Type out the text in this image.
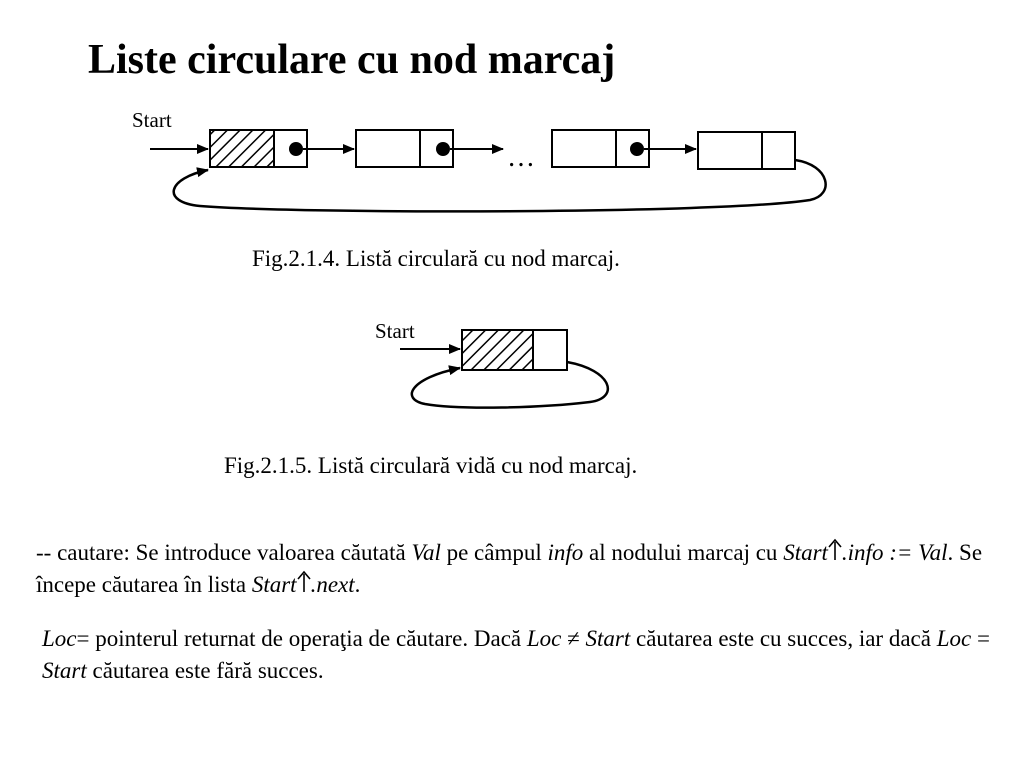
Liste circulare cu nod marcaj
Start
…
Start

Fig.2.1.4. Listă circulară cu nod marcaj.

Fig.2.1.5. Listă circulară vidă cu nod marcaj.

-- cautare: Se introduce valoarea căutată Val pe câmpul info al nodului marcaj cu Start .info := Val. Se începe căutarea în lista Start .next.

Loc= pointerul returnat de operaţia de căutare. Dacă Loc ≠ Start căutarea este cu succes, iar dacă Loc = Start căutarea este fără succes.
